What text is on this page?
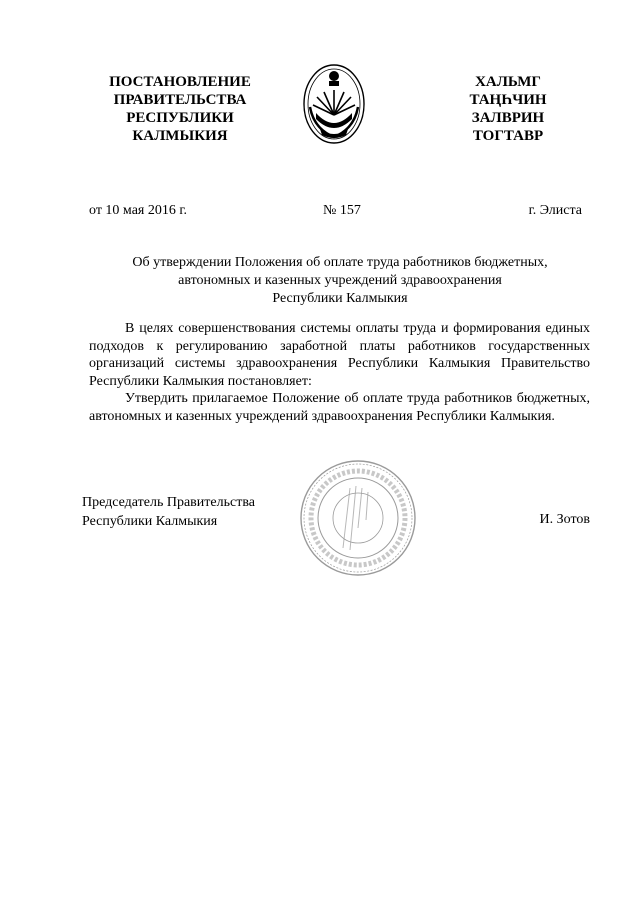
ПОСТАНОВЛЕНИЕ
ПРАВИТЕЛЬСТВА
РЕСПУБЛИКИ
КАЛМЫКИЯ
ХАЛЬМГ
ТАҢҺЧИН
ЗАЛВРИН
ТОГТАВР
от 10 мая 2016 г.	№ 157	г. Элиста
Об утверждении Положения об оплате труда работников бюджетных,
автономных и казенных учреждений здравоохранения
Республики Калмыкия

В целях совершенствования системы оплаты труда и формирования единых подходов к регулированию заработной платы работников государственных организаций системы здравоохранения Республики Калмыкия Правительство Республики Калмыкия постановляет:

Утвердить прилагаемое Положение об оплате труда работников бюджетных, автономных и казенных учреждений здравоохранения Республики Калмыкия.

Председатель Правительства
Республики Калмыкия	И. Зотов
